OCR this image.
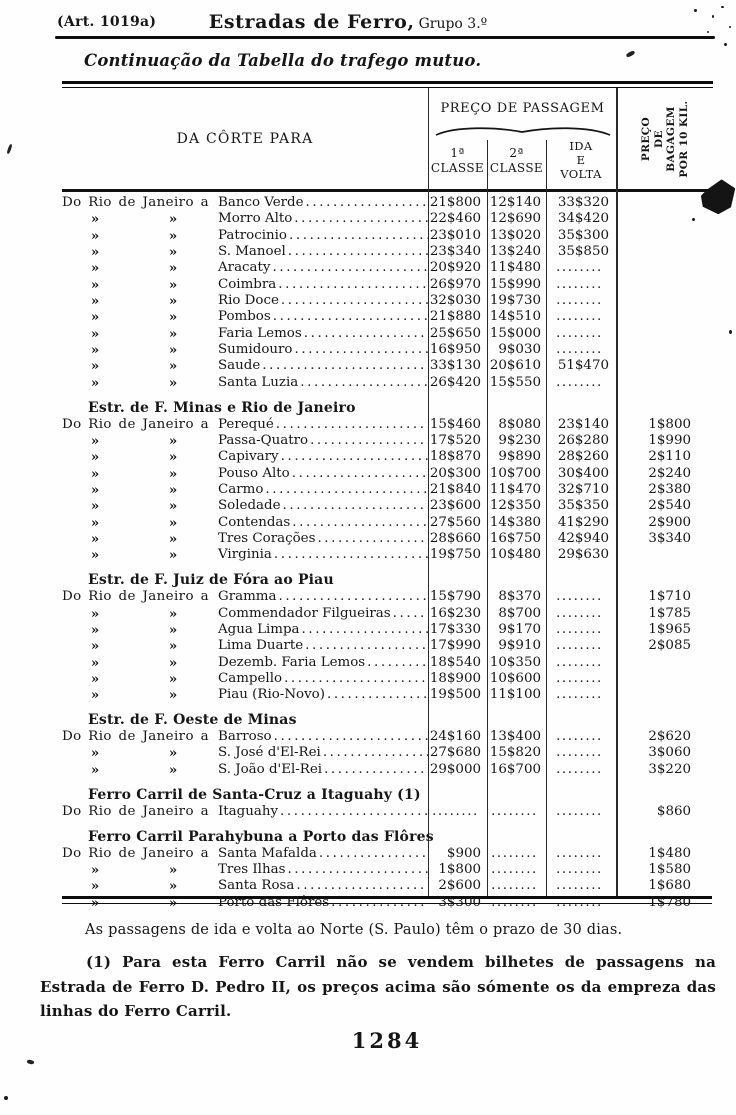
(Art. 1019a)	Estradas de Ferro, Grupo 3.º
Continuação da Tabella do trafego mutuo.
DA CÔRTE PARA
PREÇO DE PASSAGEM
1ª
CLASSE
2ª
CLASSE
IDA
E
VOLTA
PREÇO DE BAGAGEM POR 10 KIL.
Do Rio de Janeiro a Banco Verde .....	21$800 12$140	33$320
»	»	Morro Alto .....	22$460 12$690	34$420
»	»	Patrocinio .....	23$010 13$020	35$300
»	»	S. Manoel .....	23$340 13$240	35$850
»	»	Aracaty .....	20$920 11$480	........
»	»	Coimbra .....	26$970 15$990	........
»	»	Rio Doce .....	32$030 19$730	........
»	»	Pombos .....	21$880 14$510	........
»	»	Faria Lemos .....	25$650 15$000	........
»	»	Sumidouro .....	16$950	9$030	........
»	»	Saude .....	33$130 20$610	51$470
»	»	Santa Luzia .....	26$420 15$550	........
Estr. de F. Minas e Rio de Janeiro
Do Rio de Janeiro a Perequé .....	15$460	8$080	23$140	1$800
»	»	Passa-Quatro .....	17$520	9$230	26$280	1$990
»	»	Capivary .....	18$870	9$890	28$260	2$110
»	»	Pouso Alto .....	20$300 10$700	30$400	2$240
»	»	Carmo .....	21$840 11$470	32$710	2$380
»	»	Soledade .....	23$600 12$350	35$350	2$540
»	»	Contendas .....	27$560 14$380	41$290	2$900
»	»	Tres Corações .....	28$660 16$750	42$940	3$340
»	»	Virginia .....	19$750 10$480	29$630
Estr. de F. Juiz de Fóra ao Piau
Do Rio de Janeiro a Gramma .....	15$790	8$370	........	1$710
»	»	Commendador Filgueiras .....	16$230	8$700	........	1$785
»	»	Agua Limpa .....	17$330	9$170	........	1$965
»	»	Lima Duarte .....	17$990	9$910	........	2$085
»	»	Dezemb. Faria Lemos .....	18$540 10$350	........
»	»	Campello .....	18$900 10$600	........
»	»	Piau (Rio-Novo) .....	19$500 11$100	........
Estr. de F. Oeste de Minas
Do Rio de Janeiro a Barroso .....	24$160 13$400	........	2$620
»	»	S. José d'El-Rei .....	27$680 15$820	........	3$060
»	»	S. João d'El-Rei .....	29$000 16$700	........	3$220
Ferro Carril de Santa-Cruz a Itaguahy (1)
Do Rio de Janeiro a Itaguahy .....	........ ........	........	$860
Ferro Carril Parahybuna a Porto das Flôres
Do Rio de Janeiro a Santa Mafalda .....	$900 ........	........	1$480
»	»	Tres Ilhas .....	1$800 ........	........	1$580
»	»	Santa Rosa .....	2$600 ........	........	1$680
»	»	Porto das Flôres .....	3$300 ........	........	1$780
As passagens de ida e volta ao Norte (S. Paulo) têm o prazo de 30 dias.
(1) Para esta Ferro Carril não se vendem bilhetes de passagens na Estrada de Ferro D. Pedro II, os preços acima são sómente os da empreza das linhas do Ferro Carril.
1284
